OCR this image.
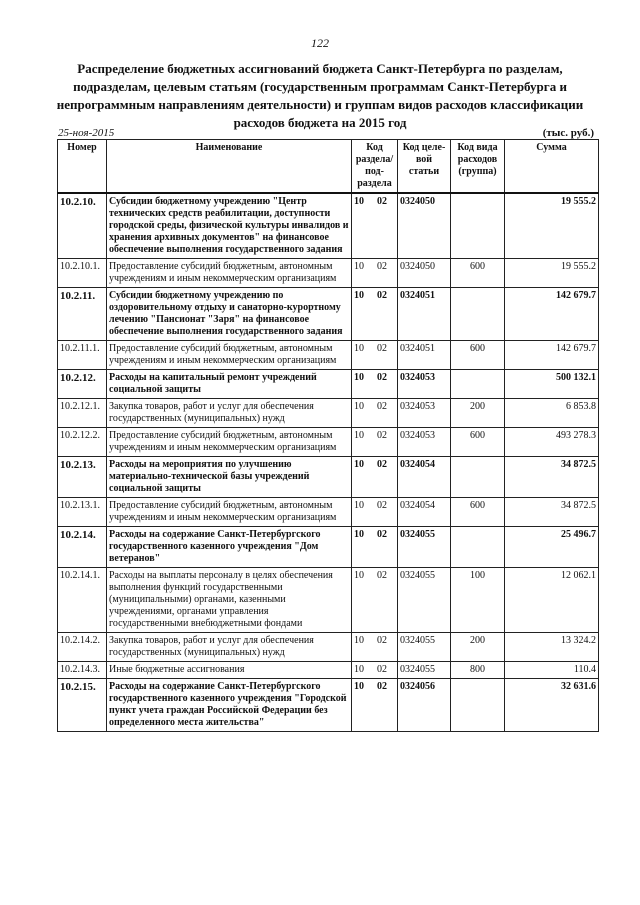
122
Распределение бюджетных ассигнований бюджета Санкт-Петербурга по разделам, подразделам, целевым статьям (государственным программам Санкт-Петербурга и непрограммным направлениям деятельности) и группам видов расходов классификации расходов бюджета на 2015 год
25-ноя-2015	(тыс. руб.)
Номер	Наименование	Код раздела/ под- раздела	Код целе- вой статьи	Код вида расходов (группа)	Сумма
10.2.10.	Субсидии бюджетному учреждению "Центр технических средств реабилитации, доступности городской среды, физической культуры инвалидов и хранения архивных документов" на финансовое обеспечение выполнения государственного задания	10 02	0324050		19 555.2
10.2.10.1.	Предоставление субсидий бюджетным, автономным учреждениям и иным некоммерческим организациям	10 02	0324050	600	19 555.2
10.2.11.	Субсидии бюджетному учреждению по оздоровительному отдыху и санаторно-курортному лечению "Пансионат "Заря" на финансовое обеспечение выполнения государственного задания	10 02	0324051		142 679.7
10.2.11.1.	Предоставление субсидий бюджетным, автономным учреждениям и иным некоммерческим организациям	10 02	0324051	600	142 679.7
10.2.12.	Расходы на капитальный ремонт учреждений социальной защиты	10 02	0324053		500 132.1
10.2.12.1.	Закупка товаров, работ и услуг для обеспечения государственных (муниципальных) нужд	10 02	0324053	200	6 853.8
10.2.12.2.	Предоставление субсидий бюджетным, автономным учреждениям и иным некоммерческим организациям	10 02	0324053	600	493 278.3
10.2.13.	Расходы на мероприятия по улучшению материально-технической базы учреждений социальной защиты	10 02	0324054		34 872.5
10.2.13.1.	Предоставление субсидий бюджетным, автономным учреждениям и иным некоммерческим организациям	10 02	0324054	600	34 872.5
10.2.14.	Расходы на содержание Санкт-Петербургского государственного казенного учреждения "Дом ветеранов"	10 02	0324055		25 496.7
10.2.14.1.	Расходы на выплаты персоналу в целях обеспечения выполнения функций государственными (муниципальными) органами, казенными учреждениями, органами управления государственными внебюджетными фондами	10 02	0324055	100	12 062.1
10.2.14.2.	Закупка товаров, работ и услуг для обеспечения государственных (муниципальных) нужд	10 02	0324055	200	13 324.2
10.2.14.3.	Иные бюджетные ассигнования	10 02	0324055	800	110.4
10.2.15.	Расходы на содержание Санкт-Петербургского государственного казенного учреждения "Городской пункт учета граждан Российской Федерации без определенного места жительства"	10 02	0324056		32 631.6
